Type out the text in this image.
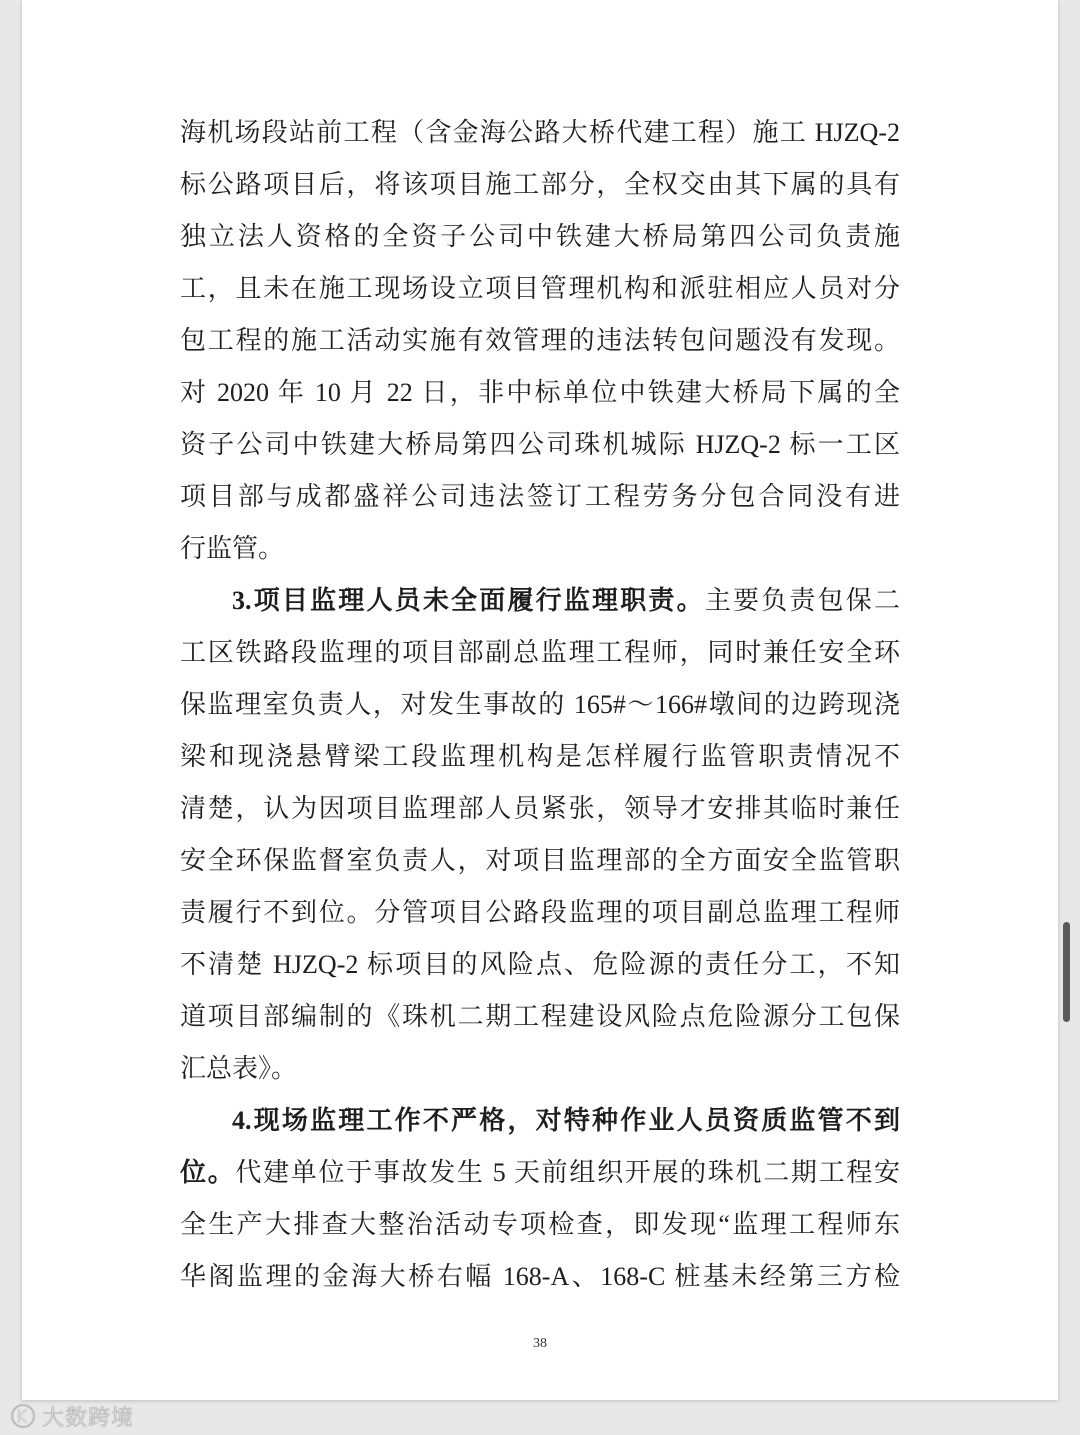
海机场段站前工程（含金海公路大桥代建工程）施工 HJZQ-2
标公路项目后，将该项目施工部分，全权交由其下属的具有
独立法人资格的全资子公司中铁建大桥局第四公司负责施
工，且未在施工现场设立项目管理机构和派驻相应人员对分
包工程的施工活动实施有效管理的违法转包问题没有发现。
对 2020 年 10 月 22 日，非中标单位中铁建大桥局下属的全
资子公司中铁建大桥局第四公司珠机城际 HJZQ-2 标一工区
项目部与成都盛祥公司违法签订工程劳务分包合同没有进
行监管。
3.项目监理人员未全面履行监理职责。主要负责包保二
工区铁路段监理的项目部副总监理工程师，同时兼任安全环
保监理室负责人，对发生事故的 165#～166#墩间的边跨现浇
梁和现浇悬臂梁工段监理机构是怎样履行监管职责情况不
清楚，认为因项目监理部人员紧张，领导才安排其临时兼任
安全环保监督室负责人，对项目监理部的全方面安全监管职
责履行不到位。分管项目公路段监理的项目副总监理工程师
不清楚 HJZQ-2 标项目的风险点、危险源的责任分工，不知
道项目部编制的《珠机二期工程建设风险点危险源分工包保
汇总表》。
4.现场监理工作不严格，对特种作业人员资质监管不到
位。代建单位于事故发生 5 天前组织开展的珠机二期工程安
全生产大排查大整治活动专项检查，即发现“监理工程师东
华阁监理的金海大桥右幅 168-A、168-C 桩基未经第三方检
38
大数跨境
